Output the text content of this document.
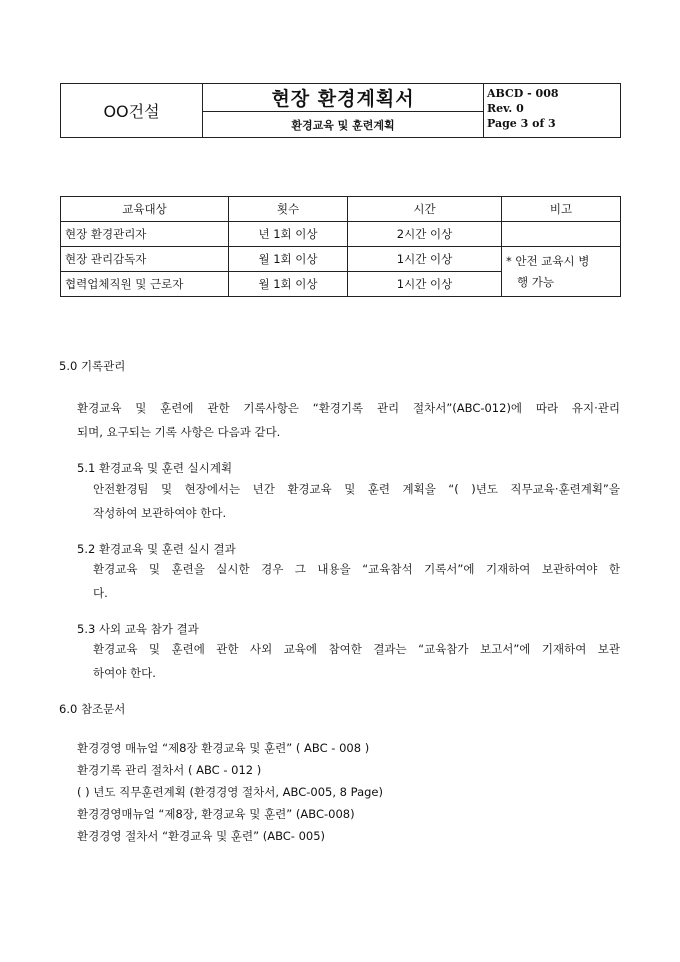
OO건설	현장 환경계획서	ABCD - 008
Rev. 0
Page 3 of 3

환경교육 및 훈련계획
교육대상	횟수	시간	비고
현장 환경관리자	년 1회 이상	2시간 이상	
현장 관리감독자	월 1회 이상	1시간 이상	* 안전 교육시 병
행 가능

협력업체직원 및 근로자	월 1회 이상	1시간 이상	
5.0 기록관리
환경교육 및 훈련에 관한 기록사항은 “환경기록 관리 절차서”(ABC-012)에 따라 유지·관리
되며, 요구되는 기록 사항은 다음과 같다.
5.1 환경교육 및 훈련 실시계획
안전환경팀 및 현장에서는 년간 환경교육 및 훈련 계획을 “( )년도 직무교육·훈련계획”을
작성하여 보관하여야 한다.
5.2 환경교육 및 훈련 실시 결과
환경교육 및 훈련을 실시한 경우 그 내용을 “교육참석 기록서”에 기재하여 보관하여야 한
다.
5.3 사외 교육 참가 결과
환경교육 및 훈련에 관한 사외 교육에 참여한 결과는 “교육참가 보고서”에 기재하여 보관
하여야 한다.
6.0 참조문서
환경경영 매뉴얼 “제8장 환경교육 및 훈련” ( ABC - 008 )
환경기록 관리 절차서 ( ABC - 012 )
( ) 년도 직무훈련계획 (환경경영 절차서, ABC-005, 8 Page)
환경경영매뉴얼 “제8장, 환경교육 및 훈련” (ABC-008)
환경경영 절차서 “환경교육 및 훈련” (ABC- 005)
